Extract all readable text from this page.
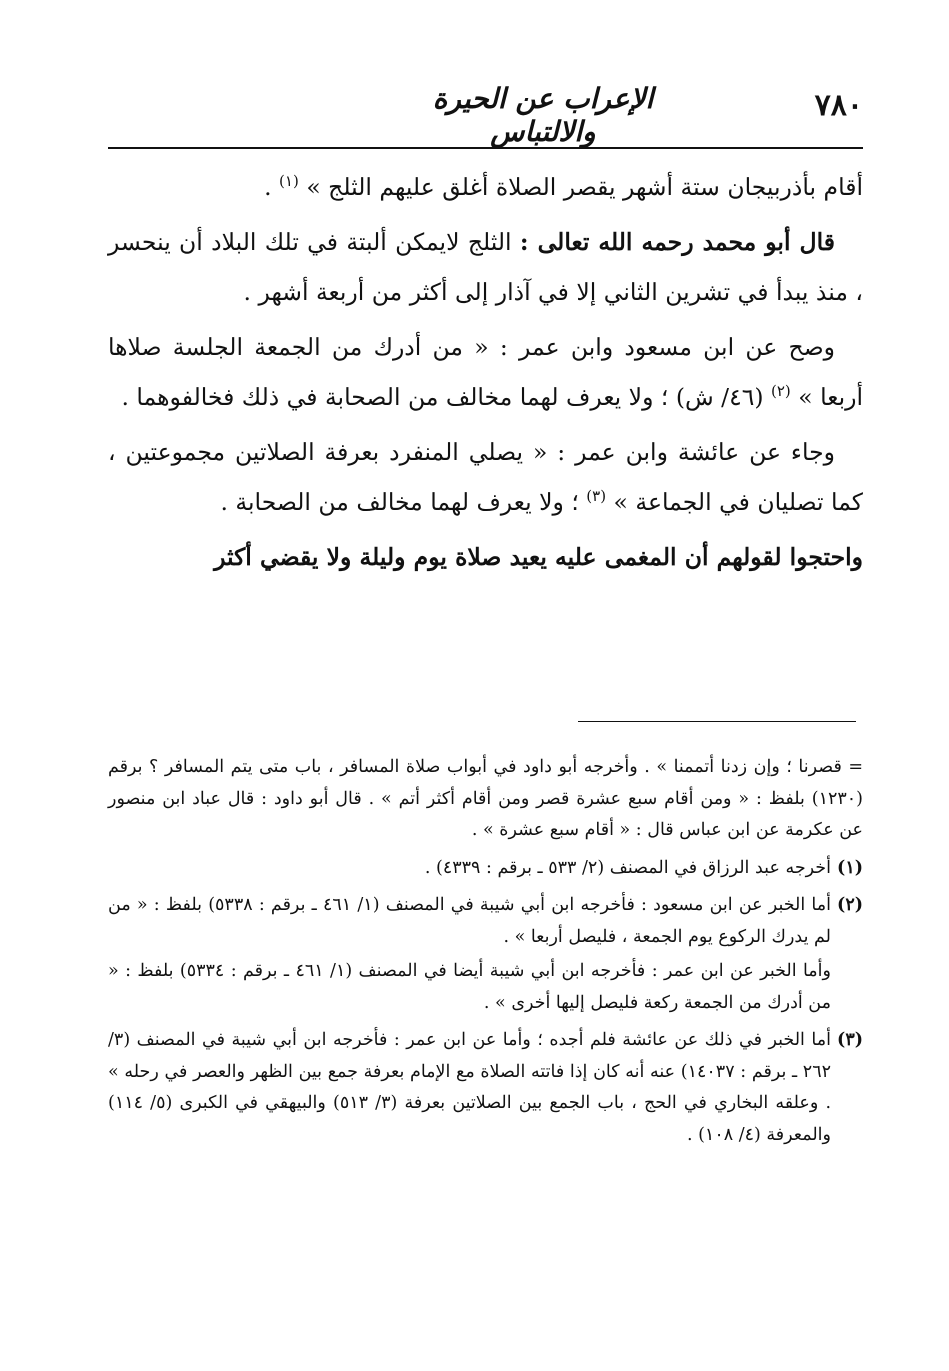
٧٨٠
الإعراب عن الحيرة والالتباس

أقام بأذربيجان ستة أشهر يقصر الصلاة أغلق عليهم الثلج » $^{(١)}$ .

قال أبو محمد رحمه الله تعالى : الثلج لايمكن ألبتة في تلك البلاد أن ينحسر ، منذ يبدأ في تشرين الثاني إلا في آذار إلى أكثر من أربعة أشهر .

وصح عن ابن مسعود وابن عمر : « من أدرك من الجمعة الجلسة صلاها أربعا » $^{(٢)}$ (٤٦/ ش) ؛ ولا يعرف لهما مخالف من الصحابة في ذلك فخالفوهما .

وجاء عن عائشة وابن عمر : « يصلي المنفرد بعرفة الصلاتين مجموعتين ، كما تصليان في الجماعة » $^{(٣)}$ ؛ ولا يعرف لهما مخالف من الصحابة .

واحتجوا لقولهم أن المغمى عليه يعيد صلاة يوم وليلة ولا يقضي أكثر

= قصرنا ؛ وإن زدنا أتممنا » . وأخرجه أبو داود في أبواب صلاة المسافر ، باب متى يتم المسافر ؟ برقم (١٢٣٠) بلفظ : « ومن أقام سبع عشرة قصر ومن أقام أكثر أتم » . قال أبو داود : قال عباد ابن منصور عن عكرمة عن ابن عباس قال : « أقام سبع عشرة » .

(١)

أخرجه عبد الرزاق في المصنف (٢/ ٥٣٣ ـ برقم : ٤٣٣٩) .

(٢)

أما الخبر عن ابن مسعود : فأخرجه ابن أبي شيبة في المصنف (١/ ٤٦١ ـ برقم : ٥٣٣٨) بلفظ : « من لم يدرك الركوع يوم الجمعة ، فليصل أربعا » .

وأما الخبر عن ابن عمر : فأخرجه ابن أبي شيبة أيضا في المصنف (١/ ٤٦١ ـ برقم : ٥٣٣٤) بلفظ : « من أدرك من الجمعة ركعة فليصل إليها أخرى » .

(٣)

أما الخبر في ذلك عن عائشة فلم أجده ؛ وأما عن ابن عمر : فأخرجه ابن أبي شيبة في المصنف (٣/ ٢٦٢ ـ برقم : ١٤٠٣٧) عنه أنه كان إذا فاتته الصلاة مع الإمام بعرفة جمع بين الظهر والعصر في رحله » . وعلقه البخاري في الحج ، باب الجمع بين الصلاتين بعرفة (٣/ ٥١٣) والبيهقي في الكبرى (٥/ ١١٤) والمعرفة (٤/ ١٠٨) .
